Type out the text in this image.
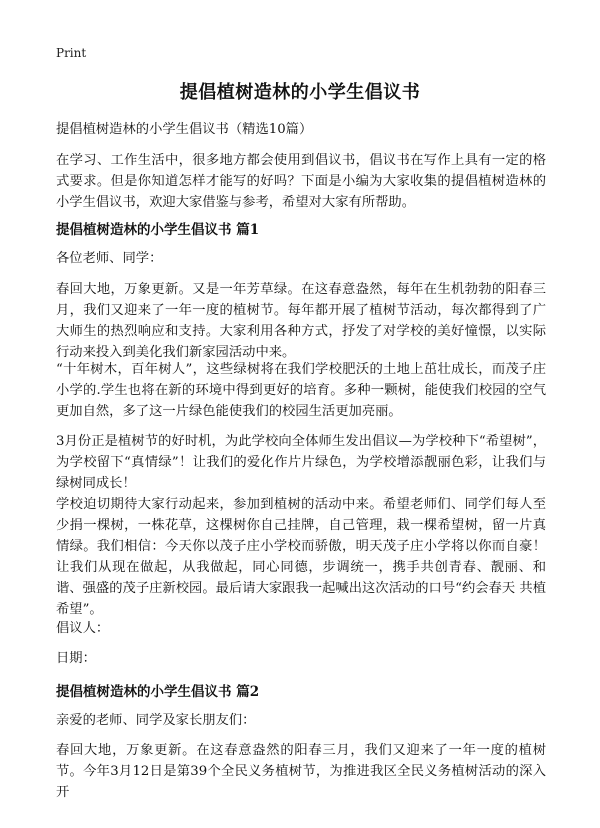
Print
提倡植树造林的小学生倡议书
提倡植树造林的小学生倡议书（精选10篇）
在学习、工作生活中，很多地方都会使用到倡议书，倡议书在写作上具有一定的格式要求。但是你知道怎样才能写的好吗？下面是小编为大家收集的提倡植树造林的小学生倡议书，欢迎大家借鉴与参考，希望对大家有所帮助。
提倡植树造林的小学生倡议书 篇1
各位老师、同学：
春回大地，万象更新。又是一年芳草绿。在这春意盎然，每年在生机勃勃的阳春三月，我们又迎来了一年一度的植树节。每年都开展了植树节活动，每次都得到了广大师生的热烈响应和支持。大家利用各种方式，抒发了对学校的美好憧憬，以实际行动来投入到美化我们新家园活动中来。
“十年树木，百年树人”，这些绿树将在我们学校肥沃的土地上茁壮成长，而茂子庄小学的.学生也将在新的环境中得到更好的培育。多种一颗树，能使我们校园的空气更加自然，多了这一片绿色能使我们的校园生活更加亮丽。
3月份正是植树节的好时机，为此学校向全体师生发出倡议—为学校种下“希望树”，为学校留下“真情绿”！让我们的爱化作片片绿色，为学校增添靓丽色彩，让我们与绿树同成长！
学校迫切期待大家行动起来，参加到植树的活动中来。希望老师们、同学们每人至少捐一棵树，一株花草，这棵树你自己挂牌，自己管理，栽一棵希望树，留一片真情绿。我们相信：今天你以茂子庄小学校而骄傲，明天茂子庄小学将以你而自豪！让我们从现在做起，从我做起，同心同德，步调统一，携手共创青春、靓丽、和谐、强盛的茂子庄新校园。最后请大家跟我一起喊出这次活动的口号“约会春天 共植希望”。
倡议人：
日期：
提倡植树造林的小学生倡议书 篇2
亲爱的老师、同学及家长朋友们：
春回大地，万象更新。在这春意盎然的阳春三月，我们又迎来了一年一度的植树节。今年3月12日是第39个全民义务植树节，为推进我区全民义务植树活动的深入开
